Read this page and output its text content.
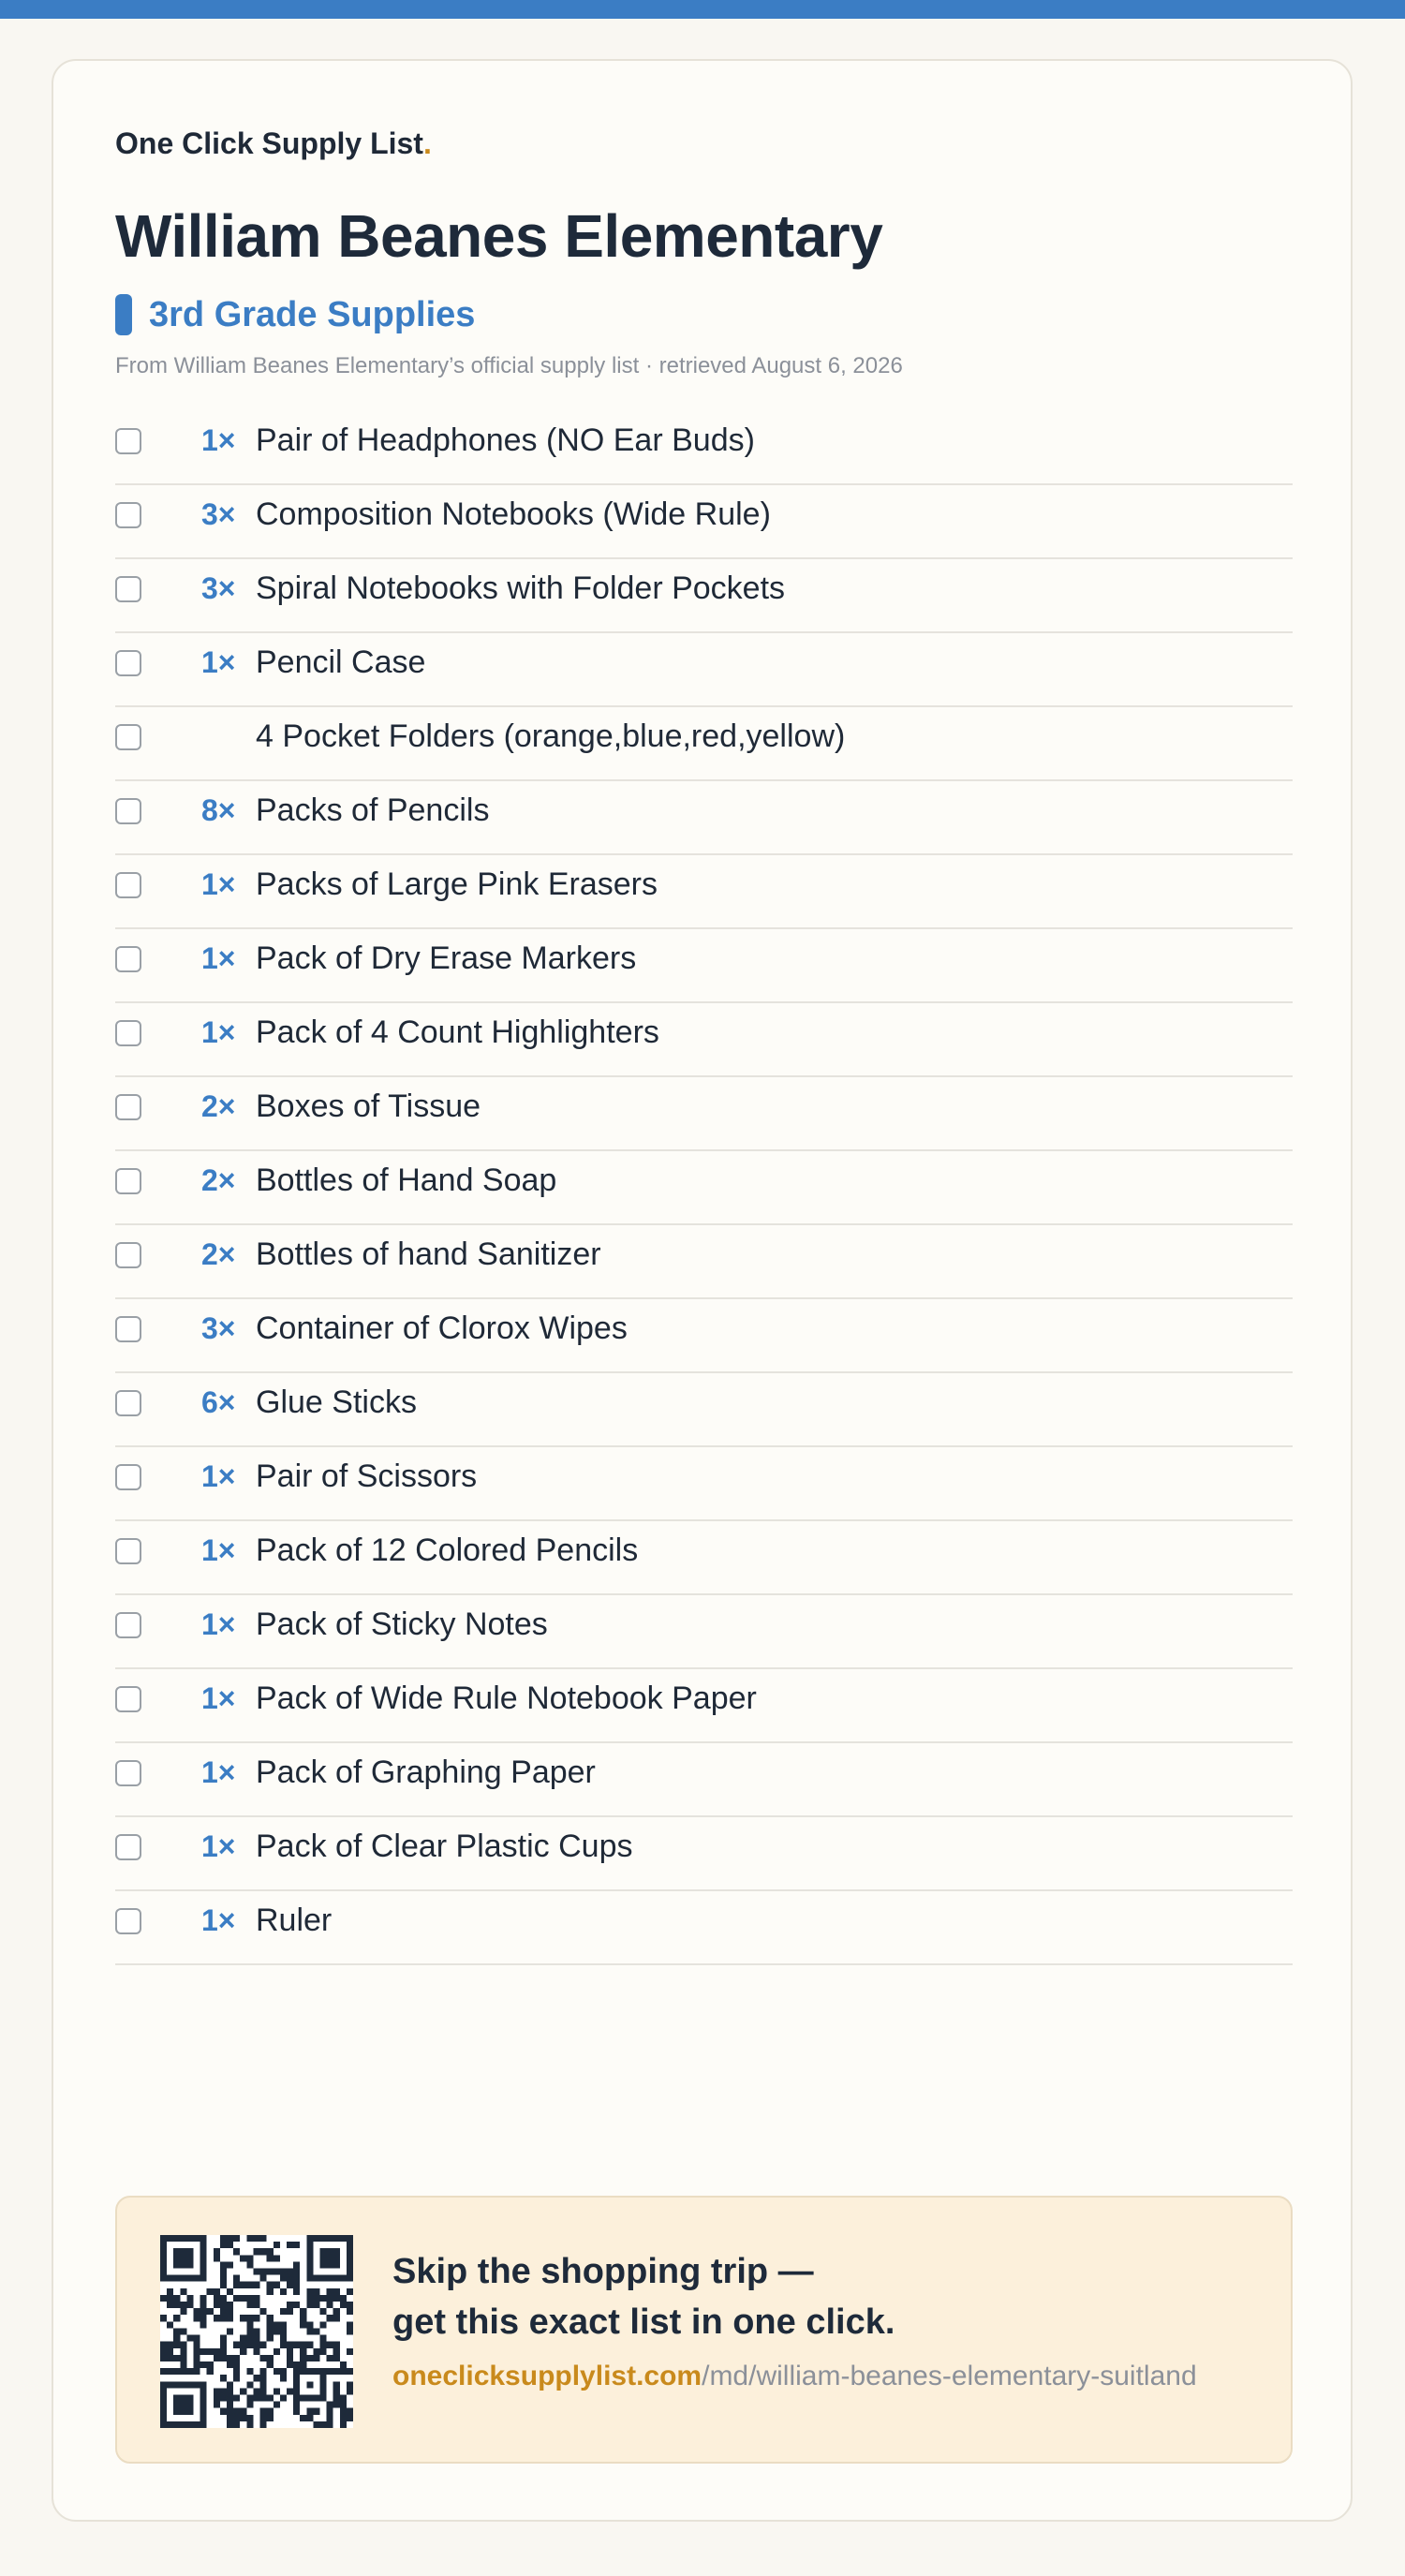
One Click Supply List.
William Beanes Elementary
3rd Grade Supplies
From William Beanes Elementary’s official supply list · retrieved August 6, 2026
1× Pair of Headphones (NO Ear Buds)
3× Composition Notebooks (Wide Rule)
3× Spiral Notebooks with Folder Pockets
1× Pencil Case
4 Pocket Folders (orange,blue,red,yellow)
8× Packs of Pencils
1× Packs of Large Pink Erasers
1× Pack of Dry Erase Markers
1× Pack of 4 Count Highlighters
2× Boxes of Tissue
2× Bottles of Hand Soap
2× Bottles of hand Sanitizer
3× Container of Clorox Wipes
6× Glue Sticks
1× Pair of Scissors
1× Pack of 12 Colored Pencils
1× Pack of Sticky Notes
1× Pack of Wide Rule Notebook Paper
1× Pack of Graphing Paper
1× Pack of Clear Plastic Cups
1× Ruler
Skip the shopping trip —
get this exact list in one click.
oneclicksupplylist.com/md/william-beanes-elementary-suitland
